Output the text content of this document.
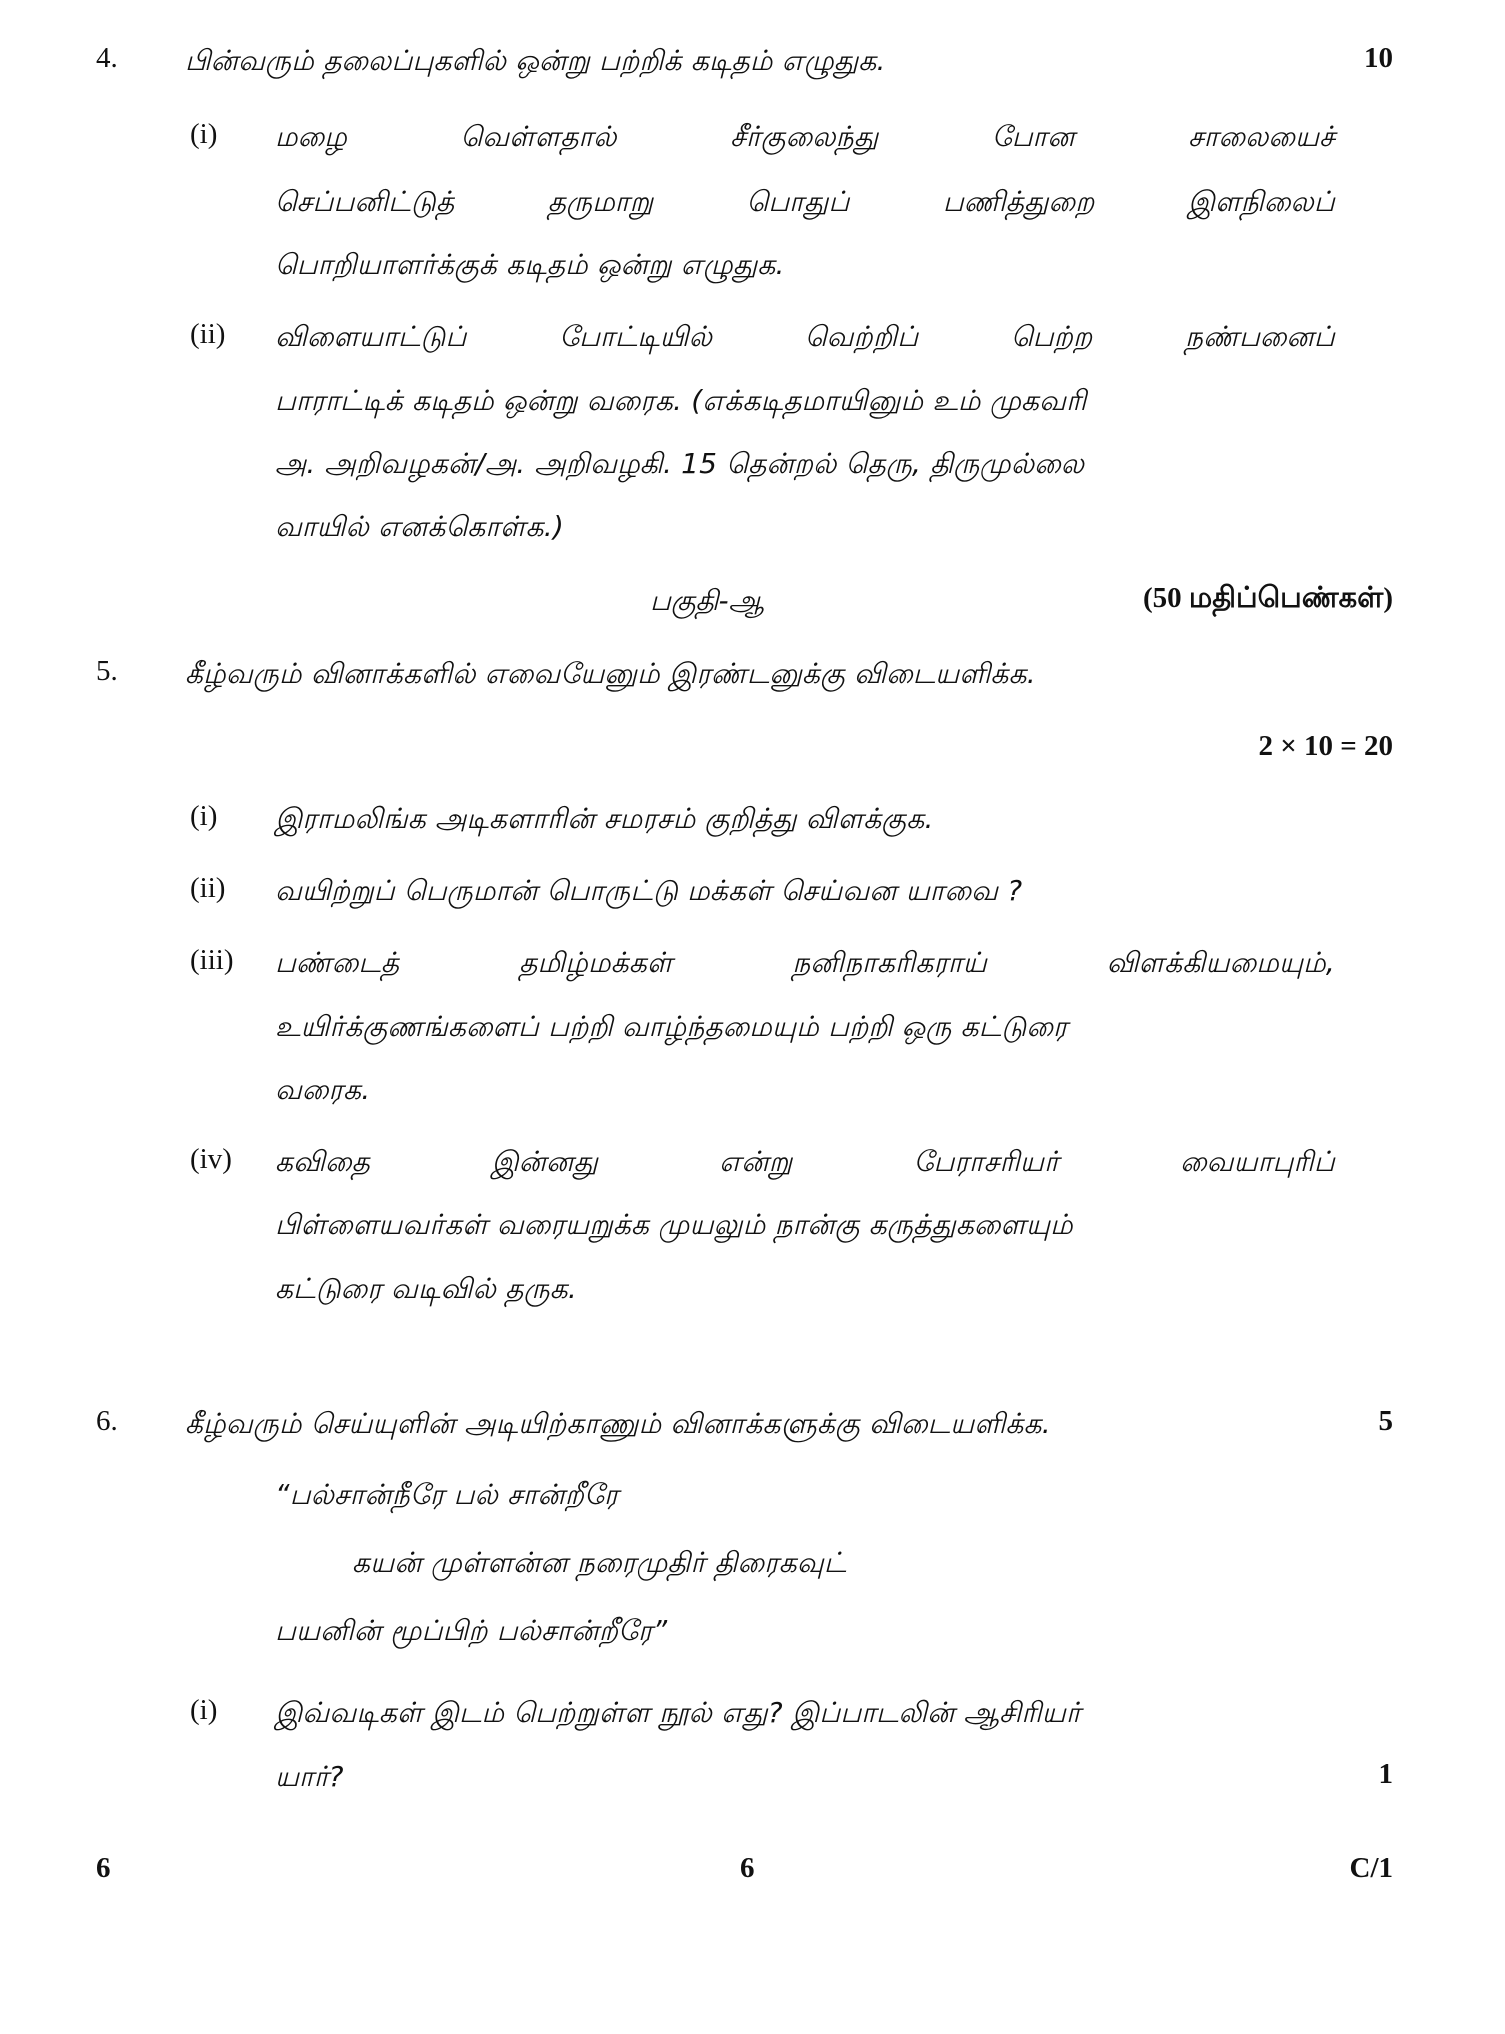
4. பின்வரும் தலைப்புகளில் ஒன்று பற்றிக் கடிதம் எழுதுக.	10
(i) மழை	வெள்ளதால்	சீர்குலைந்து	போன	சாலையைச்
செப்பனிட்டுத்	தருமாறு	பொதுப்	பணித்துறை	இளநிலைப்
பொறியாளர்க்குக் கடிதம் ஒன்று எழுதுக.
(ii) விளையாட்டுப்	போட்டியில்	வெற்றிப்	பெற்ற	நண்பனைப்
பாராட்டிக் கடிதம் ஒன்று வரைக. (எக்கடிதமாயினும் உம் முகவரி
அ. அறிவழகன்/அ. அறிவழகி. 15 தென்றல் தெரு, திருமுல்லை
வாயில் எனக்கொள்க.)
பகுதி-ஆ	(50 மதிப்பெண்கள்)
5. கீழ்வரும் வினாக்களில் எவையேனும் இரண்டனுக்கு விடையளிக்க.
2 × 10 = 20
(i) இராமலிங்க அடிகளாரின் சமரசம் குறித்து விளக்குக.
(ii) வயிற்றுப் பெருமான் பொருட்டு மக்கள் செய்வன யாவை ?
(iii) பண்டைத்	தமிழ்மக்கள்	நனிநாகரிகராய்	விளக்கியமையும்,
உயிர்க்குணங்களைப் பற்றி வாழ்ந்தமையும் பற்றி ஒரு கட்டுரை
வரைக.
(iv) கவிதை	இன்னது	என்று	பேராசரியர்	வையாபுரிப்
பிள்ளையவர்கள் வரையறுக்க முயலும் நான்கு கருத்துகளையும்
கட்டுரை வடிவில் தருக.
6. கீழ்வரும் செய்யுளின் அடியிற்காணும் வினாக்களுக்கு விடையளிக்க.	5
“பல்சான்நீரே பல் சான்றீரே
கயன் முள்ளன்ன நரைமுதிர் திரைகவுட்
பயனின் மூப்பிற் பல்சான்றீரே”
(i) இவ்வடிகள் இடம் பெற்றுள்ள நூல் எது? இப்பாடலின் ஆசிரியர்
யார்?	1
6	6	C/1
